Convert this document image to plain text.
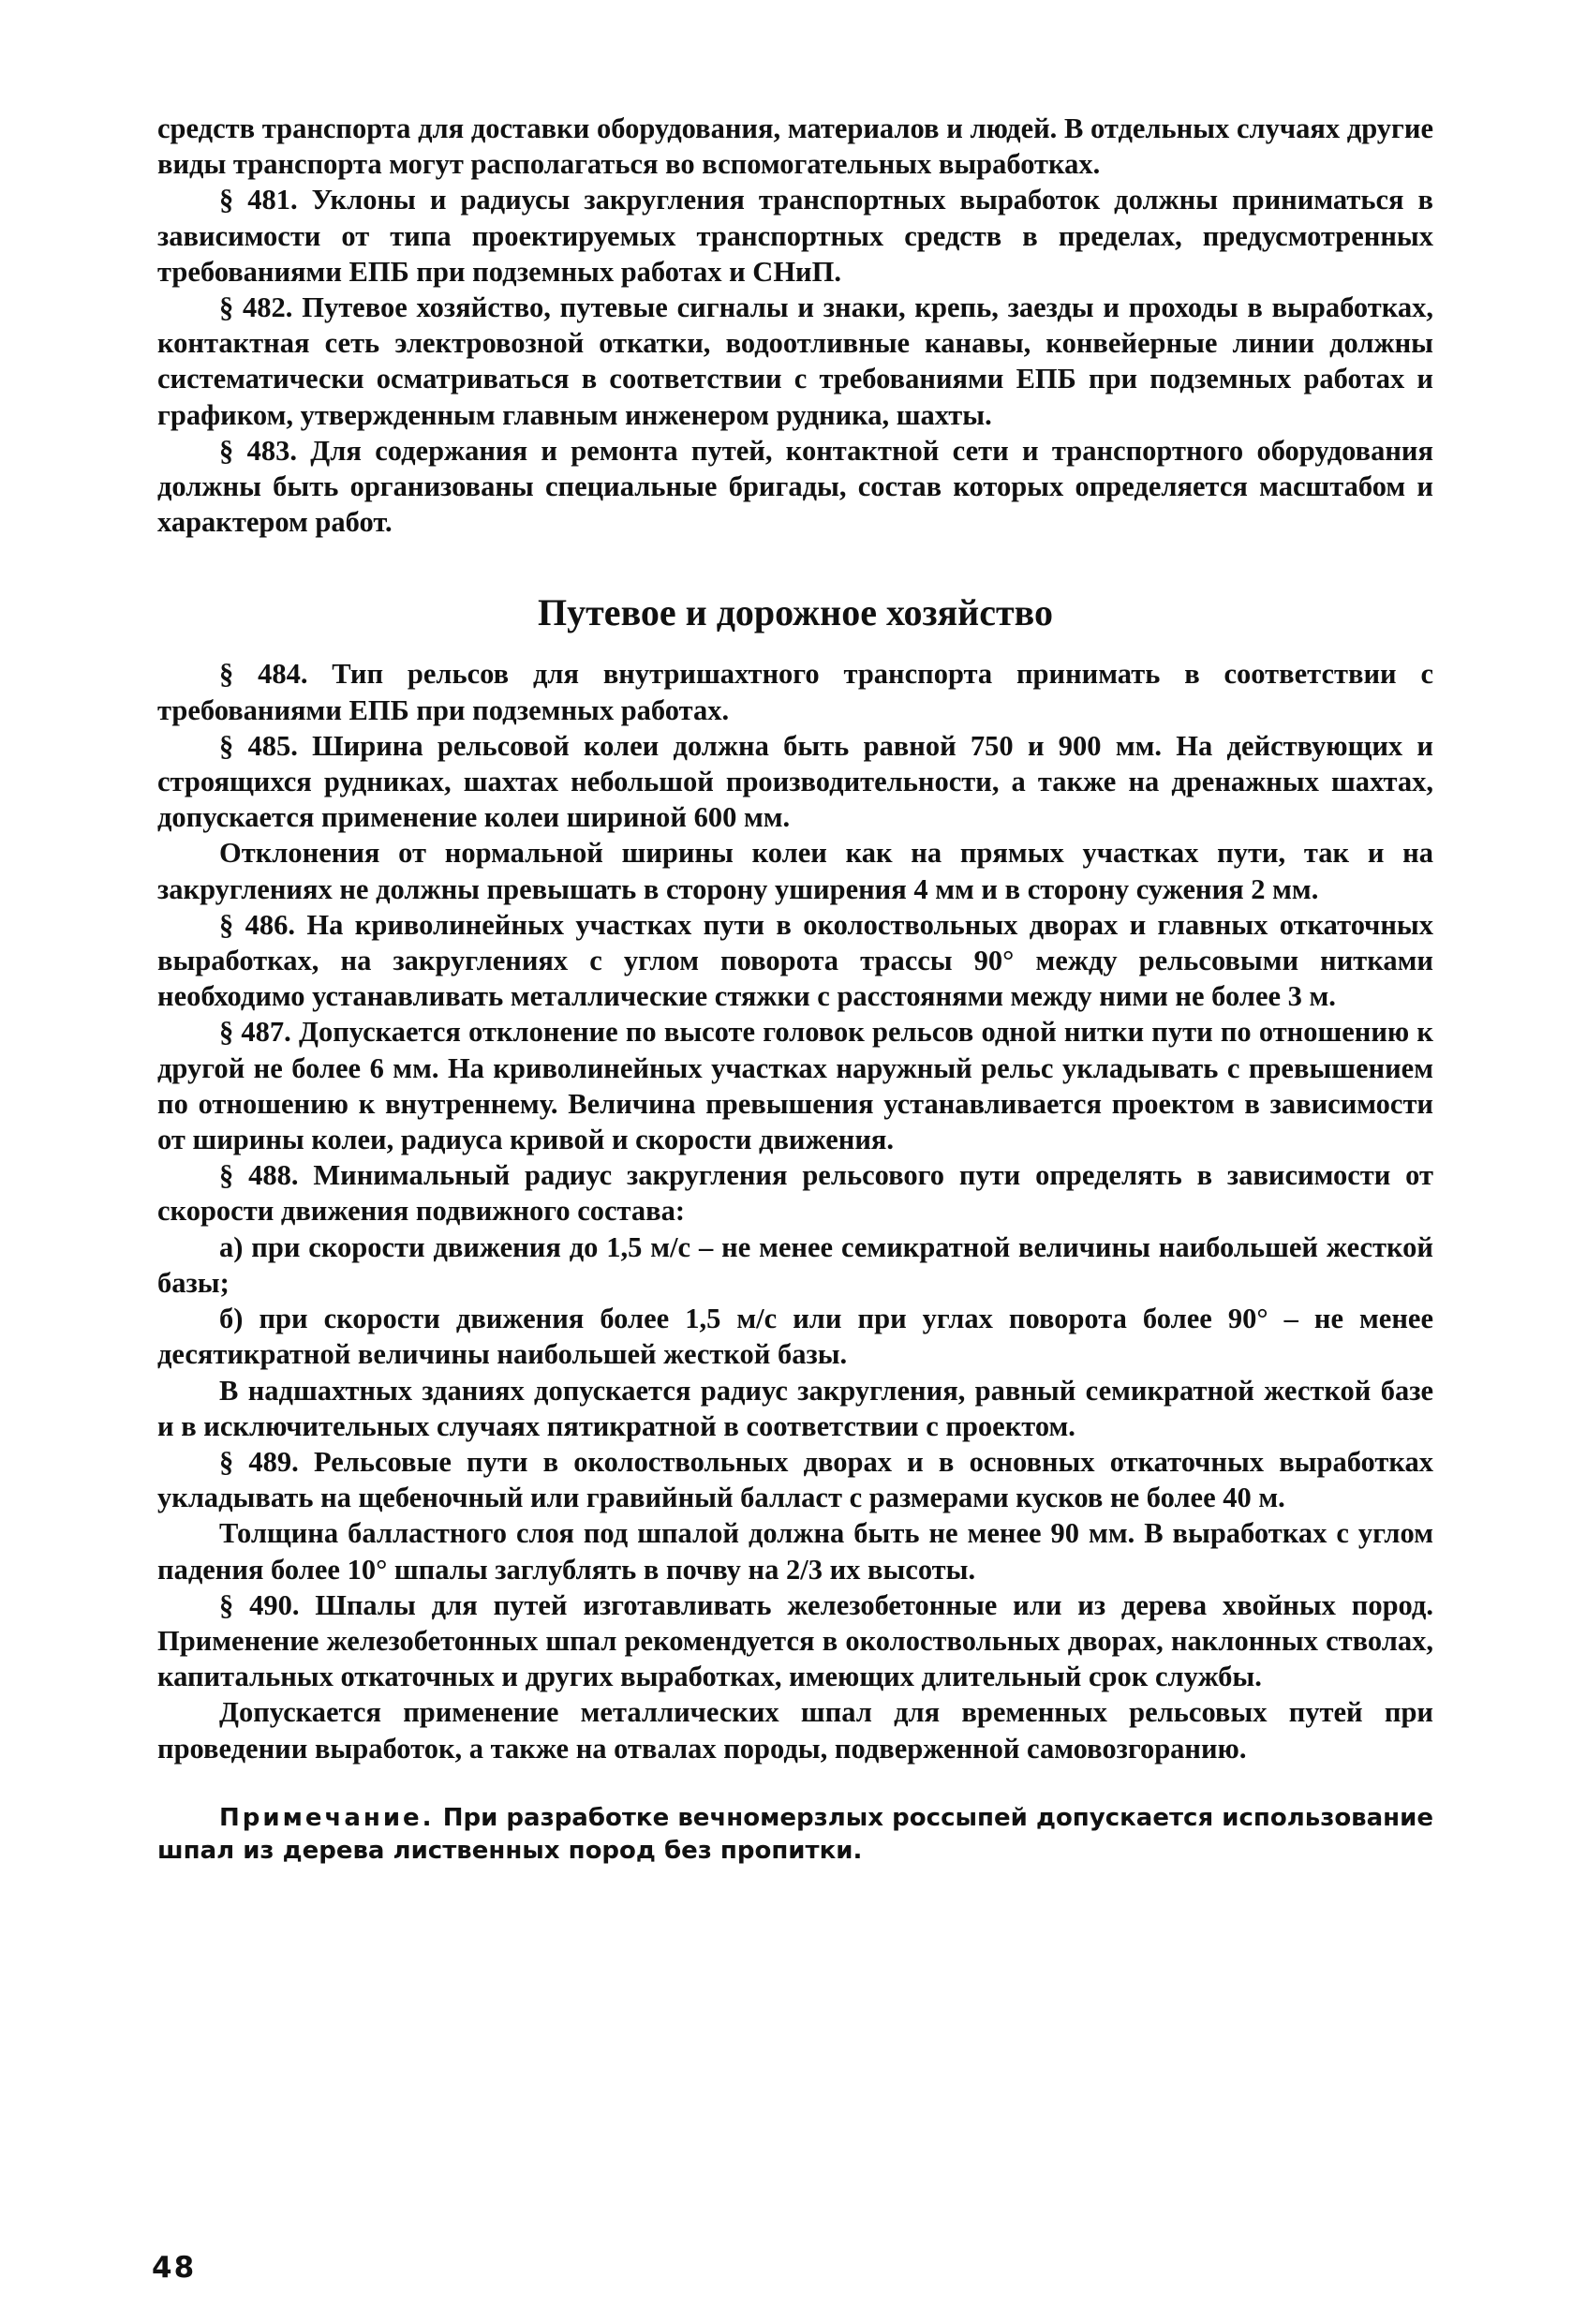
средств транспорта для доставки оборудования, материалов и людей. В отдельных случаях другие виды транспорта могут располагаться во вспомогательных выработках.

§ 481. Уклоны и радиусы закругления транспортных выработок должны приниматься в зависимости от типа проектируемых транспортных средств в пределах, предусмотренных требованиями ЕПБ при подземных работах и СНиП.

§ 482. Путевое хозяйство, путевые сигналы и знаки, крепь, заезды и проходы в выработках, контактная сеть электровозной откатки, водоотливные канавы, конвейерные линии должны систематически осматриваться в соответствии с требованиями ЕПБ при подземных работах и графиком, утвержденным главным инженером рудника, шахты.

§ 483. Для содержания и ремонта путей, контактной сети и транспортного оборудования должны быть организованы специальные бригады, состав которых определяется масштабом и характером работ.

Путевое и дорожное хозяйство

§ 484. Тип рельсов для внутришахтного транспорта принимать в соответствии с требованиями ЕПБ при подземных работах.

§ 485. Ширина рельсовой колеи должна быть равной 750 и 900 мм. На действующих и строящихся рудниках, шахтах небольшой производительности, а также на дренажных шахтах, допускается применение колеи шириной 600 мм.

Отклонения от нормальной ширины колеи как на прямых участках пути, так и на закруглениях не должны превышать в сторону уширения 4 мм и в сторону сужения 2 мм.

§ 486. На криволинейных участках пути в околоствольных дворах и главных откаточных выработках, на закруглениях с углом поворота трассы 90° между рельсовыми нитками необходимо устанавливать металлические стяжки с расстоянями между ними не более 3 м.

§ 487. Допускается отклонение по высоте головок рельсов одной нитки пути по отношению к другой не более 6 мм. На криволинейных участках наружный рельс укладывать с превышением по отношению к внутреннему. Величина превышения устанавливается проектом в зависимости от ширины колеи, радиуса кривой и скорости движения.

§ 488. Минимальный радиус закругления рельсового пути определять в зависимости от скорости движения подвижного состава:

а) при скорости движения до 1,5 м/с – не менее семикратной величины наибольшей жесткой базы;

б) при скорости движения более 1,5 м/с или при углах поворота более 90° – не менее десятикратной величины наибольшей жесткой базы.

В надшахтных зданиях допускается радиус закругления, равный семикратной жесткой базе и в исключительных случаях пятикратной в соответствии с проектом.

§ 489. Рельсовые пути в околоствольных дворах и в основных откаточных выработках укладывать на щебеночный или гравийный балласт с размерами кусков не более 40 м.

Толщина балластного слоя под шпалой должна быть не менее 90 мм. В выработках с углом падения более 10° шпалы заглублять в почву на 2/3 их высоты.

§ 490. Шпалы для путей изготавливать железобетонные или из дерева хвойных пород. Применение железобетонных шпал рекомендуется в околоствольных дворах, наклонных стволах, капитальных откаточных и других выработках, имеющих длительный срок службы.

Допускается применение металлических шпал для временных рельсовых путей при проведении выработок, а также на отвалах породы, подверженной самовозгоранию.

Примечание. При разработке вечномерзлых россыпей допускается использование шпал из дерева лиственных пород без пропитки.

48
